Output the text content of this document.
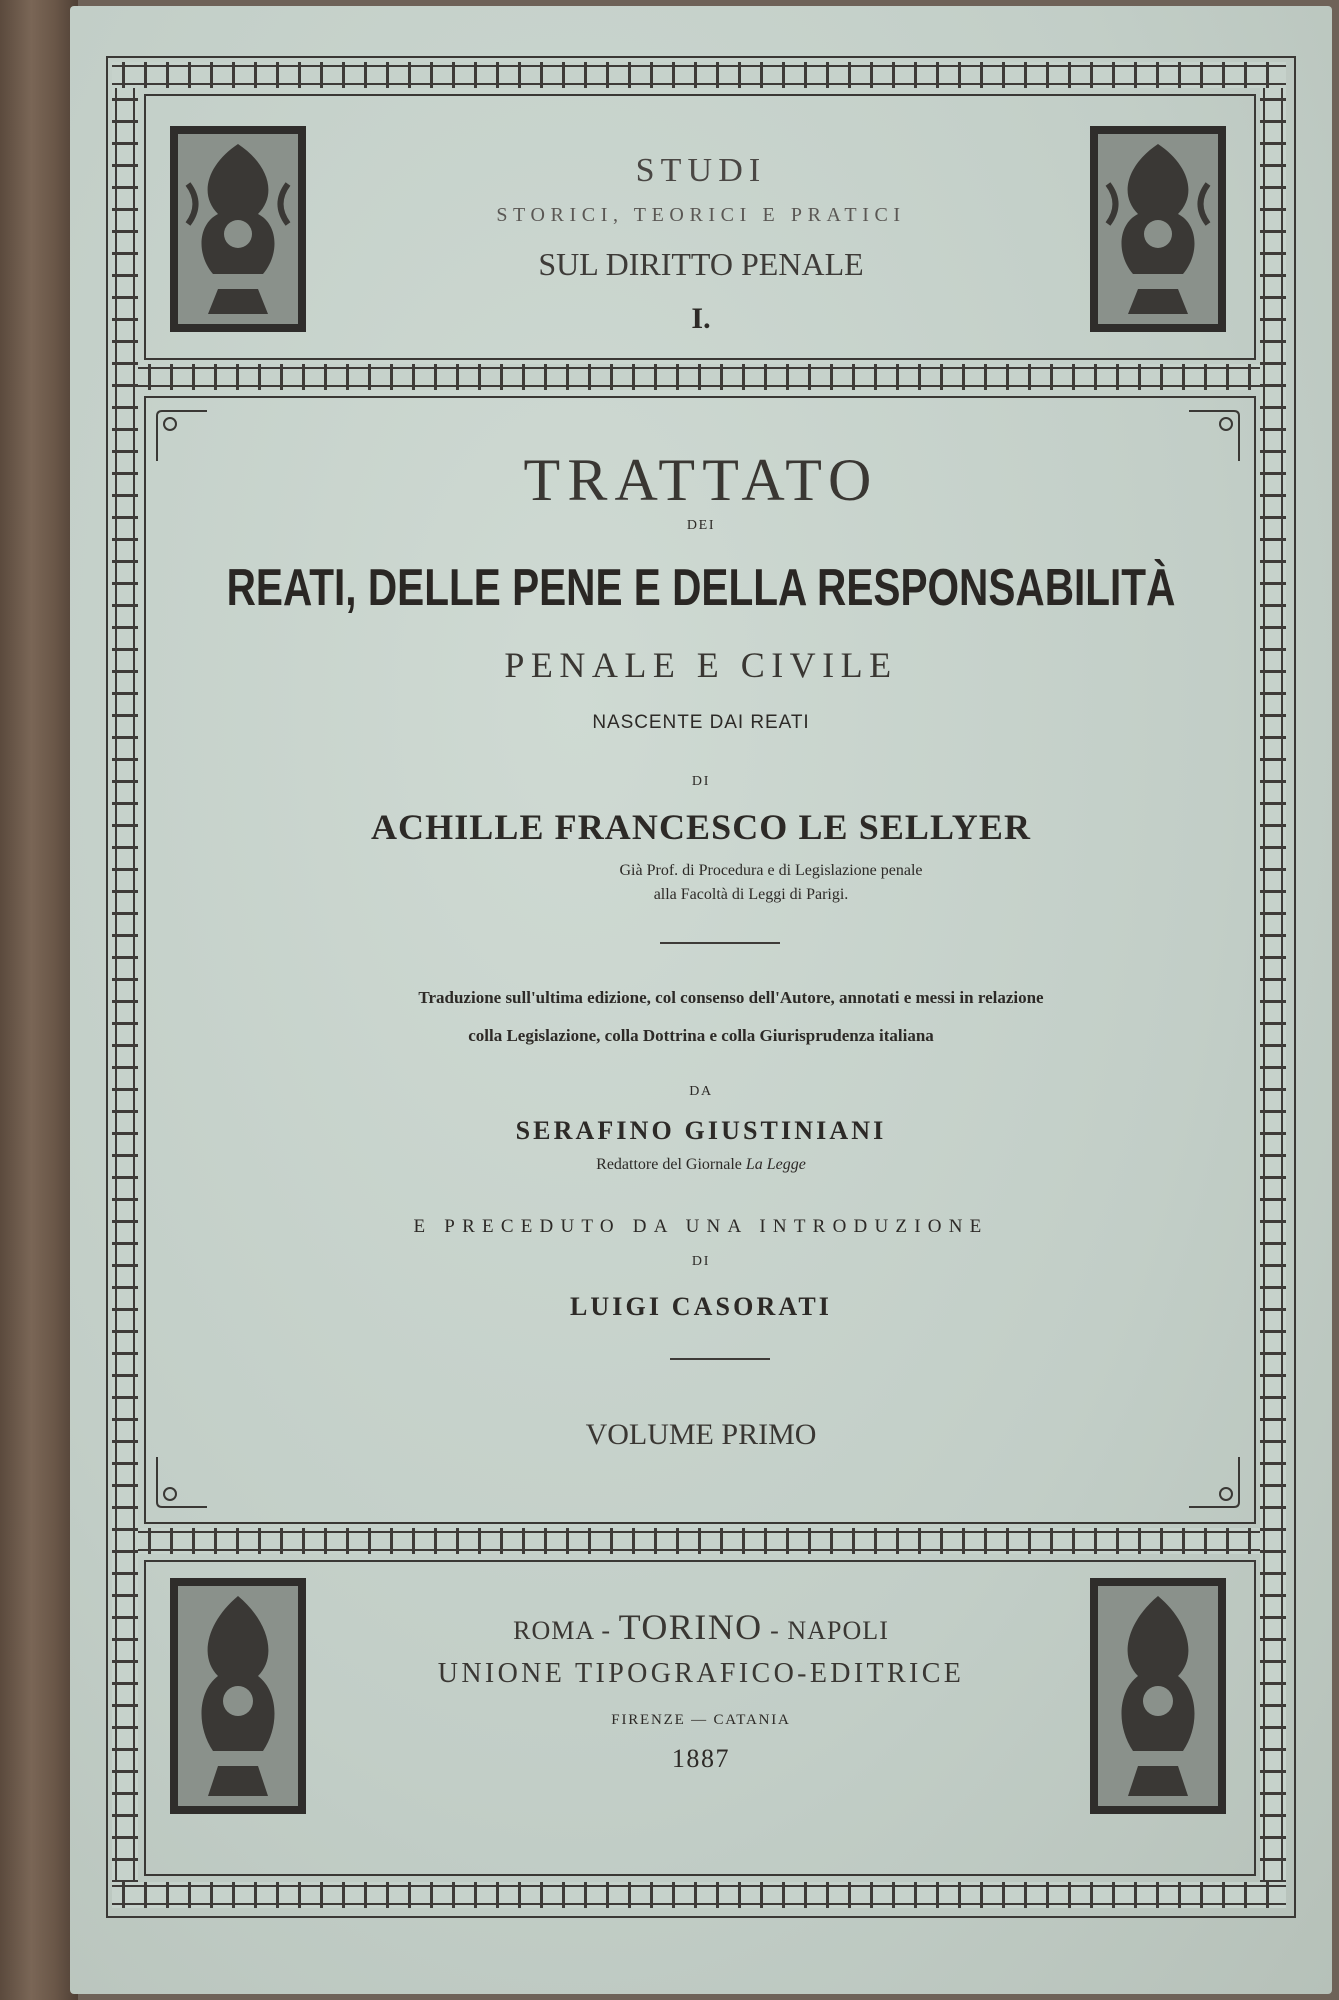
STUDI
STORICI, TEORICI E PRATICI
SUL DIRITTO PENALE
I.
TRATTATO
DEI
REATI, DELLE PENE E DELLA RESPONSABILITÀ
PENALE E CIVILE
NASCENTE DAI REATI
DI
ACHILLE FRANCESCO LE SELLYER
Già Prof. di Procedura e di Legislazione penale
alla Facoltà di Leggi di Parigi.
Traduzione sull'ultima edizione, col consenso dell'Autore, annotati e messi in relazione
colla Legislazione, colla Dottrina e colla Giurisprudenza italiana
DA
SERAFINO GIUSTINIANI
Redattore del Giornale La Legge
E PRECEDUTO DA UNA INTRODUZIONE
DI
LUIGI CASORATI
VOLUME PRIMO
ROMA - TORINO - NAPOLI
UNIONE TIPOGRAFICO-EDITRICE
FIRENZE — CATANIA
1887
